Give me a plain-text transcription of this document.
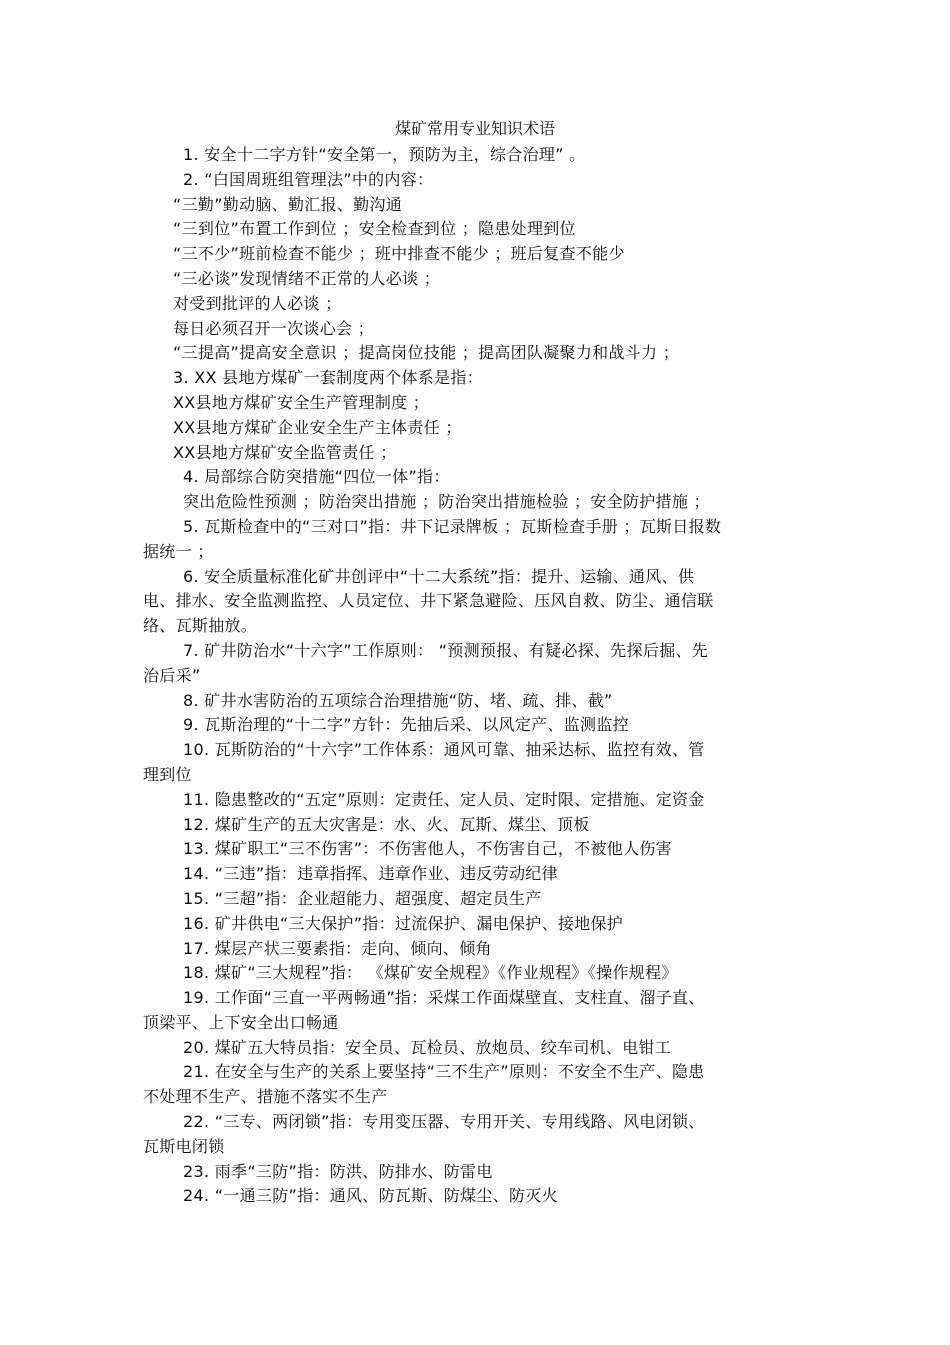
煤矿常用专业知识术语
1. 安全十二字方针“安全第一，预防为主，综合治理” 。
2. “白国周班组管理法”中的内容：
“三勤”勤动脑、勤汇报、勤沟通
“三到位”布置工作到位 ；安全检查到位 ；隐患处理到位
“三不少”班前检查不能少 ；班中排查不能少 ；班后复查不能少
“三必谈”发现情绪不正常的人必谈 ；
对受到批评的人必谈 ；
每日必须召开一次谈心会 ；
“三提高”提高安全意识 ；提高岗位技能 ；提高团队凝聚力和战斗力 ；
3. XX 县地方煤矿一套制度两个体系是指：
XX县地方煤矿安全生产管理制度 ；
XX县地方煤矿企业安全生产主体责任 ；
XX县地方煤矿安全监管责任 ；
4. 局部综合防突措施“四位一体”指：
突出危险性预测 ；防治突出措施 ；防治突出措施检验 ；安全防护措施 ；
5. 瓦斯检查中的“三对口”指：井下记录牌板 ；瓦斯检查手册 ；瓦斯日报数
据统一 ；
6. 安全质量标准化矿井创评中“十二大系统”指：提升、运输、通风、供
电、排水、安全监测监控、人员定位、井下紧急避险、压风自救、防尘、通信联
络、瓦斯抽放。
7. 矿井防治水“十六字”工作原则： “预测预报、有疑必探、先探后掘、先
治后采”
8. 矿井水害防治的五项综合治理措施“防、堵、疏、排、截”
9. 瓦斯治理的“十二字”方针：先抽后采、以风定产、监测监控
10. 瓦斯防治的“十六字”工作体系：通风可靠、抽采达标、监控有效、管
理到位
11. 隐患整改的“五定”原则：定责任、定人员、定时限、定措施、定资金
12. 煤矿生产的五大灾害是：水、火、瓦斯、煤尘、顶板
13. 煤矿职工“三不伤害”：不伤害他人，不伤害自己，不被他人伤害
14. “三违”指：违章指挥、违章作业、违反劳动纪律
15. “三超”指：企业超能力、超强度、超定员生产
16. 矿井供电“三大保护”指：过流保护、漏电保护、接地保护
17. 煤层产状三要素指：走向、倾向、倾角
18. 煤矿“三大规程”指： 《煤矿安全规程》《作业规程》《操作规程》
19. 工作面“三直一平两畅通”指：采煤工作面煤壁直、支柱直、溜子直、
顶梁平、上下安全出口畅通
20. 煤矿五大特员指：安全员、瓦检员、放炮员、绞车司机、电钳工
21. 在安全与生产的关系上要坚持“三不生产”原则：不安全不生产、隐患
不处理不生产、措施不落实不生产
22. “三专、两闭锁”指：专用变压器、专用开关、专用线路、风电闭锁、
瓦斯电闭锁
23. 雨季“三防”指：防洪、防排水、防雷电
24. “一通三防”指：通风、防瓦斯、防煤尘、防灭火
